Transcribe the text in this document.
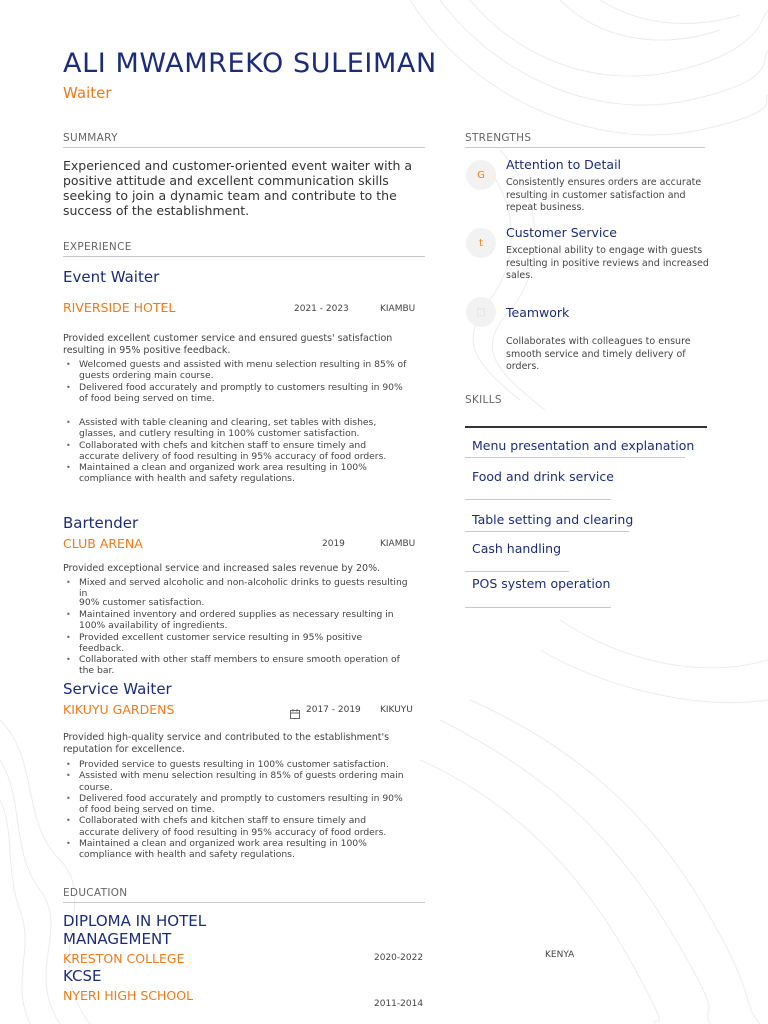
ALI MWAMREKO SULEIMAN
Waiter
SUMMARY
Experienced and customer-oriented event waiter with a positive attitude and excellent communication skills seeking to join a dynamic team and contribute to the success of the establishment.
EXPERIENCE
Event Waiter
RIVERSIDE HOTEL	2021 - 2023	KIAMBU
Provided excellent customer service and ensured guests' satisfaction resulting in 95% positive feedback.
• Welcomed guests and assisted with menu selection resulting in 85% of guests ordering main course.
• Delivered food accurately and promptly to customers resulting in 90% of food being served on time.
• Assisted with table cleaning and clearing, set tables with dishes, glasses, and cutlery resulting in 100% customer satisfaction.
• Collaborated with chefs and kitchen staff to ensure timely and accurate delivery of food resulting in 95% accuracy of food orders.
• Maintained a clean and organized work area resulting in 100% compliance with health and safety regulations.
Bartender
CLUB ARENA	2019	KIAMBU
Provided exceptional service and increased sales revenue by 20%.
• Mixed and served alcoholic and non-alcoholic drinks to guests resulting in
90% customer satisfaction.
• Maintained inventory and ordered supplies as necessary resulting in 100% availability of ingredients.
• Provided excellent customer service resulting in 95% positive feedback.
• Collaborated with other staff members to ensure smooth operation of the bar.
Service Waiter
KIKUYU GARDENS	2017 - 2019 KIKUYU
Provided high-quality service and contributed to the establishment's reputation for excellence.
• Provided service to guests resulting in 100% customer satisfaction.
• Assisted with menu selection resulting in 85% of guests ordering main course.
• Delivered food accurately and promptly to customers resulting in 90% of food being served on time.
• Collaborated with chefs and kitchen staff to ensure timely and accurate delivery of food resulting in 95% accuracy of food orders.
• Maintained a clean and organized work area resulting in 100% compliance with health and safety regulations.
EDUCATION
DIPLOMA IN HOTEL MANAGEMENT
KRESTON COLLEGE	2020-2022	KENYA
KCSE
NYERI HIGH SCHOOL
2011-2014
STRENGTHS
G
Attention to Detail
Consistently ensures orders are accurate resulting in customer satisfaction and repeat business.
t
Customer Service
Exceptional ability to engage with guests resulting in positive reviews and increased sales.
□	Teamwork
Collaborates with colleagues to ensure smooth service and timely delivery of orders.
SKILLS
Menu presentation and explanation
Food and drink service
Table setting and clearing
Cash handling
POS system operation
